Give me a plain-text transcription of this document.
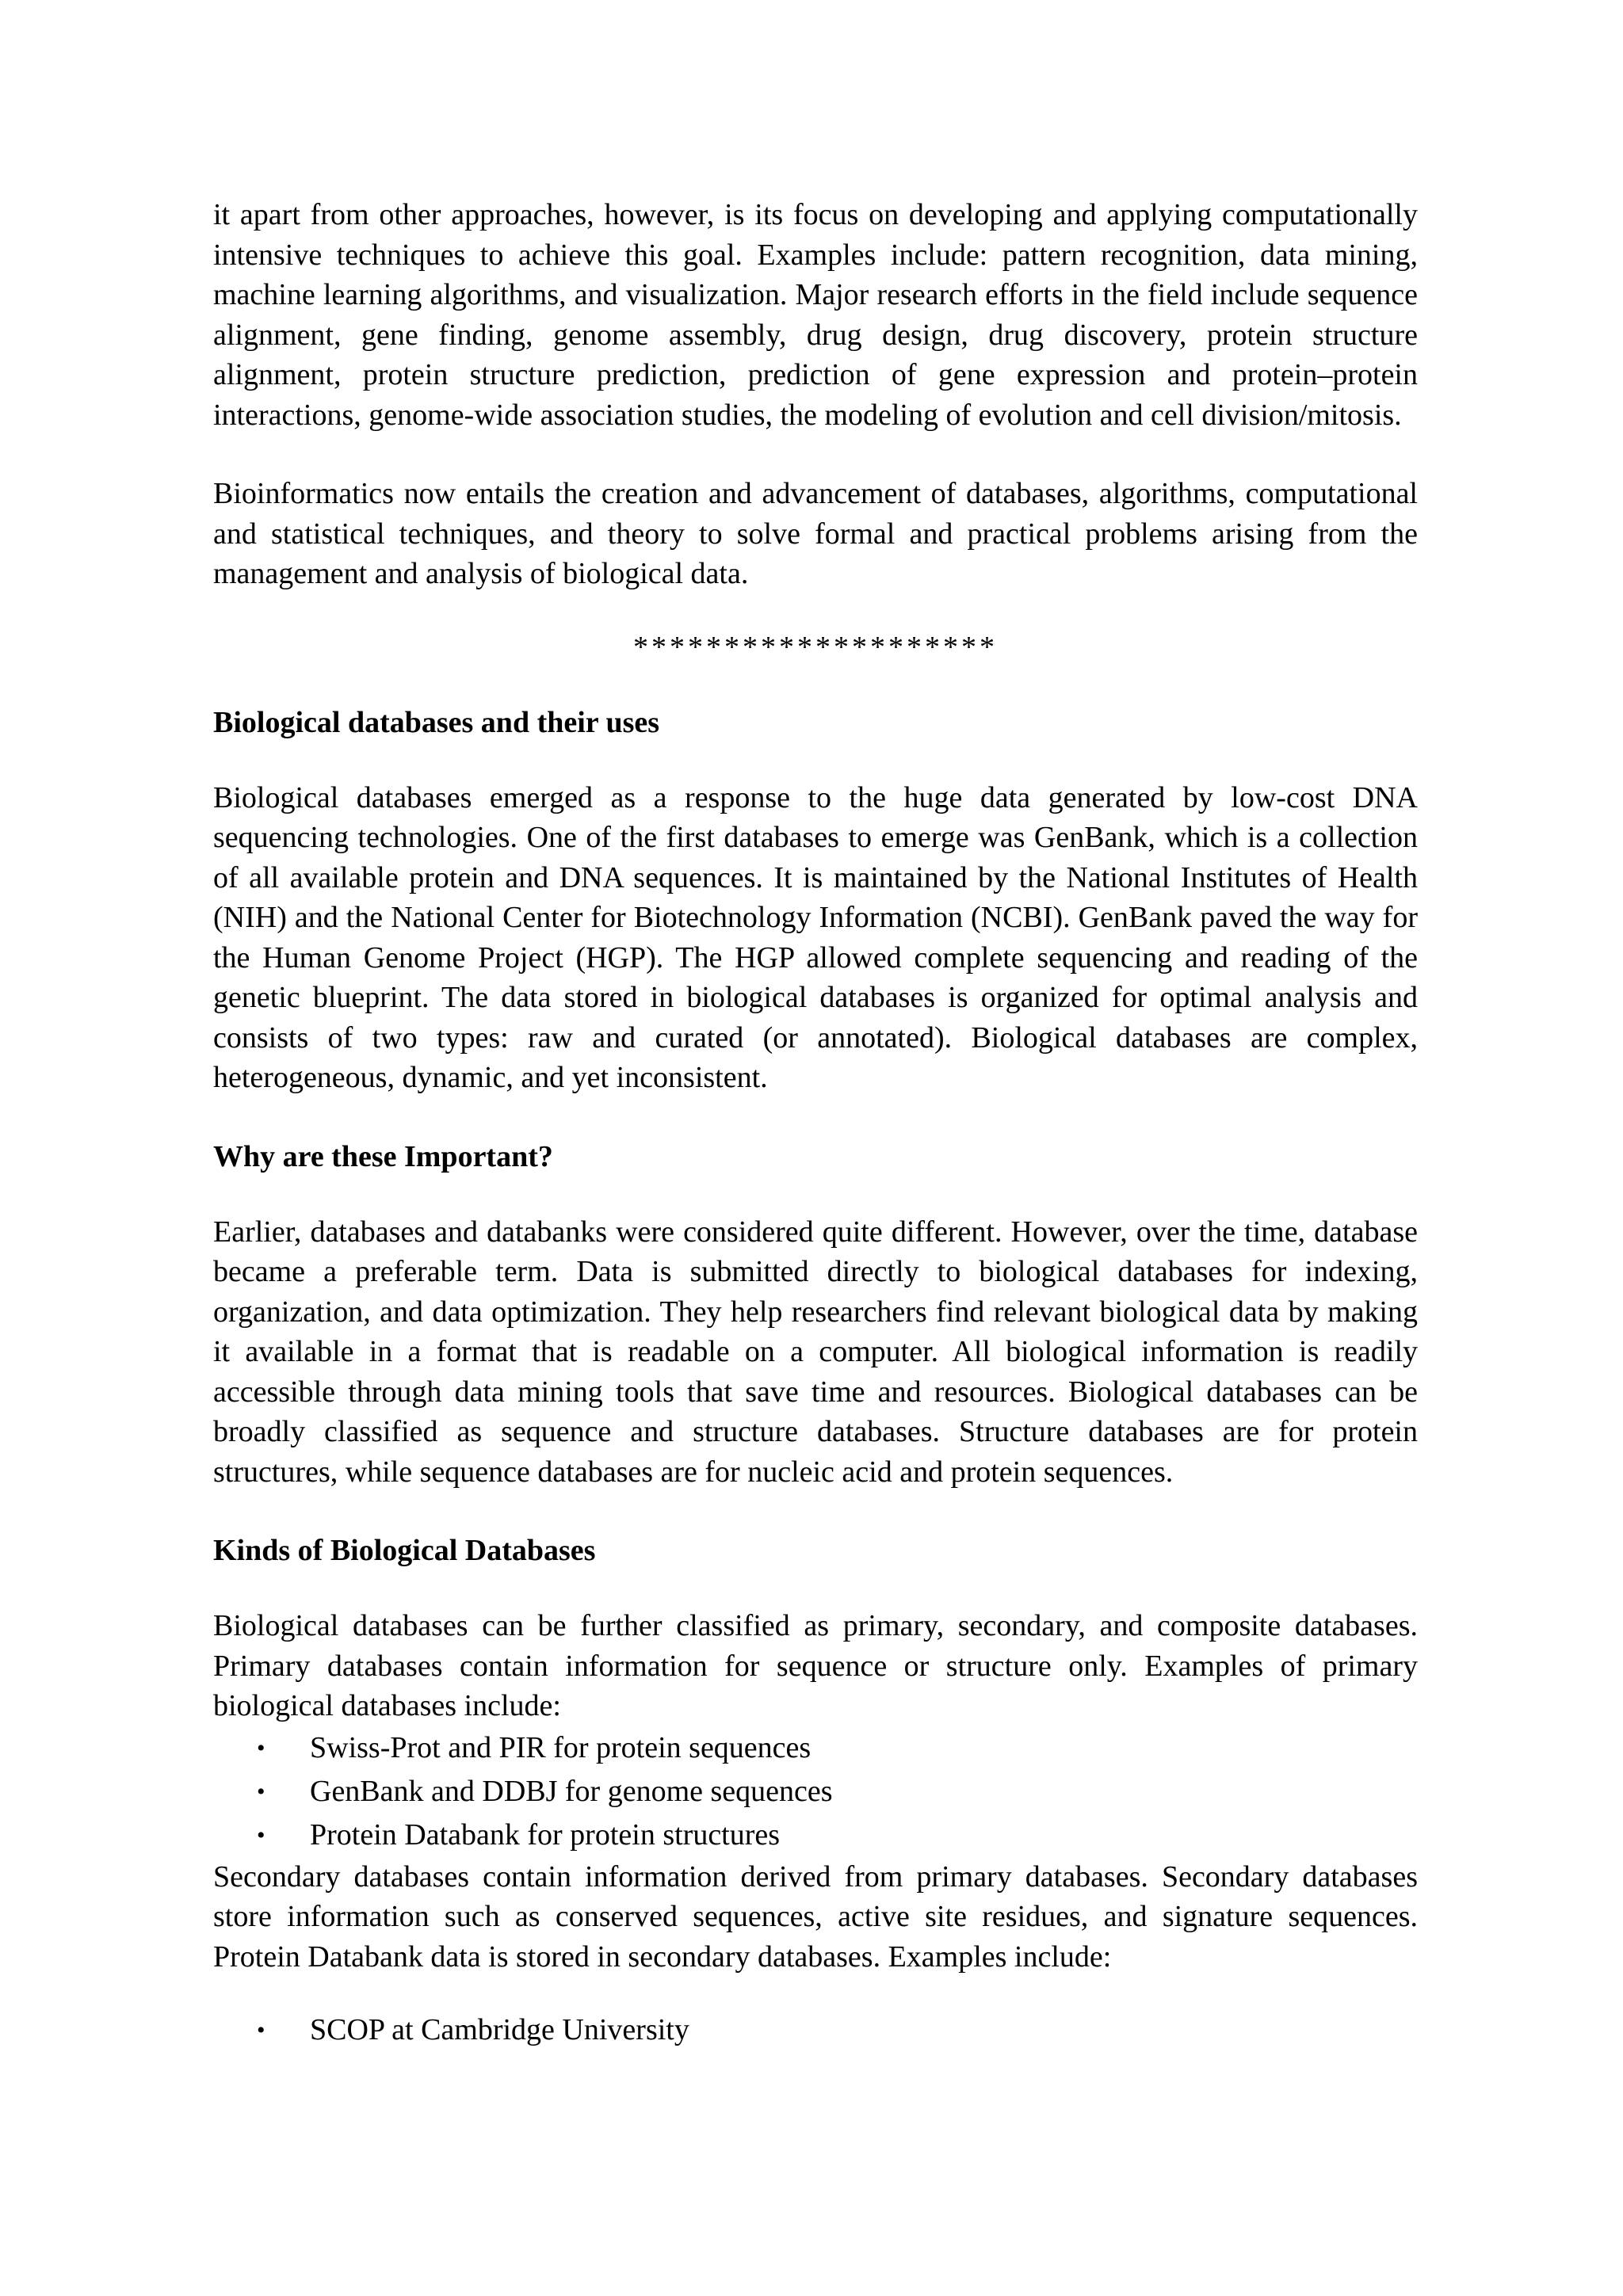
it apart from other approaches, however, is its focus on developing and applying computationally intensive techniques to achieve this goal. Examples include: pattern recognition, data mining, machine learning algorithms, and visualization. Major research efforts in the field include sequence alignment, gene finding, genome assembly, drug design, drug discovery, protein structure alignment, protein structure prediction, prediction of gene expression and protein–protein interactions, genome-wide association studies, the modeling of evolution and cell division/mitosis.

Bioinformatics now entails the creation and advancement of databases, algorithms, computational and statistical techniques, and theory to solve formal and practical problems arising from the management and analysis of biological data.

********************
Biological databases and their uses

Biological databases emerged as a response to the huge data generated by low-cost DNA sequencing technologies. One of the first databases to emerge was GenBank, which is a collection of all available protein and DNA sequences. It is maintained by the National Institutes of Health (NIH) and the National Center for Biotechnology Information (NCBI). GenBank paved the way for the Human Genome Project (HGP). The HGP allowed complete sequencing and reading of the genetic blueprint. The data stored in biological databases is organized for optimal analysis and consists of two types: raw and curated (or annotated). Biological databases are complex, heterogeneous, dynamic, and yet inconsistent.

Why are these Important?

Earlier, databases and databanks were considered quite different. However, over the time, database became a preferable term. Data is submitted directly to biological databases for indexing, organization, and data optimization. They help researchers find relevant biological data by making it available in a format that is readable on a computer. All biological information is readily accessible through data mining tools that save time and resources. Biological databases can be broadly classified as sequence and structure databases. Structure databases are for protein structures, while sequence databases are for nucleic acid and protein sequences.

Kinds of Biological Databases

Biological databases can be further classified as primary, secondary, and composite databases. Primary databases contain information for sequence or structure only. Examples of primary biological databases include:

• Swiss-Prot and PIR for protein sequences
• GenBank and DDBJ for genome sequences
• Protein Databank for protein structures

Secondary databases contain information derived from primary databases. Secondary databases store information such as conserved sequences, active site residues, and signature sequences. Protein Databank data is stored in secondary databases. Examples include:

• SCOP at Cambridge University
